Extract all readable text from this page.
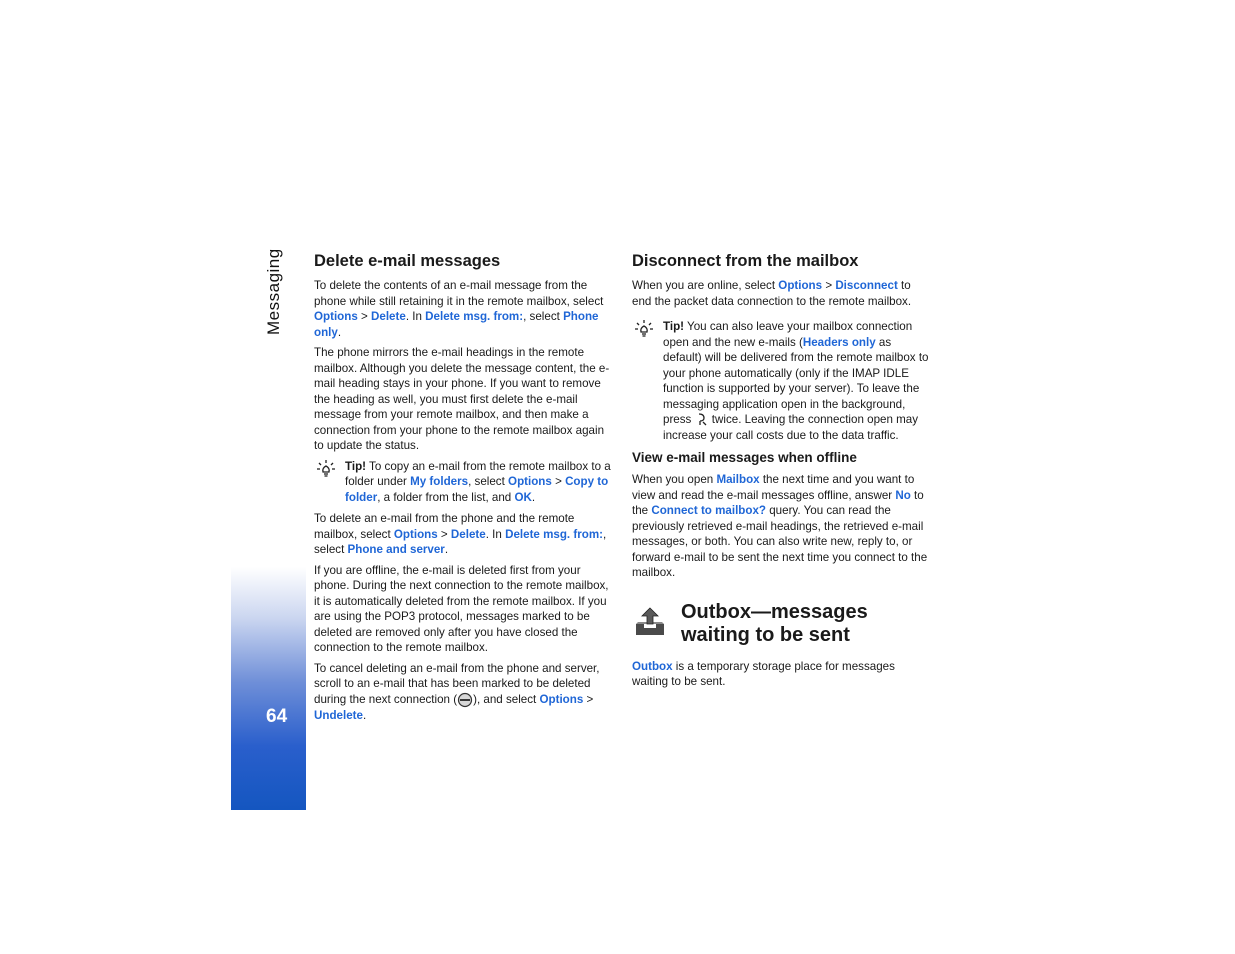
Messaging
64
Delete e-mail messages

To delete the contents of an e-mail message from the phone while still retaining it in the remote mailbox, select Options > Delete. In Delete msg. from:, select Phone only.

The phone mirrors the e-mail headings in the remote mailbox. Although you delete the message content, the e-mail heading stays in your phone. If you want to remove the heading as well, you must first delete the e-mail message from your remote mailbox, and then make a connection from your phone to the remote mailbox again to update the status.

Tip! To copy an e-mail from the remote mailbox to a folder under My folders, select Options > Copy to folder, a folder from the list, and OK.

To delete an e-mail from the phone and the remote mailbox, select Options > Delete. In Delete msg. from:, select Phone and server.

If you are offline, the e-mail is deleted first from your phone. During the next connection to the remote mailbox, it is automatically deleted from the remote mailbox. If you are using the POP3 protocol, messages marked to be deleted are removed only after you have closed the connection to the remote mailbox.

To cancel deleting an e-mail from the phone and server, scroll to an e-mail that has been marked to be deleted during the next connection ( ), and select Options > Undelete.

Disconnect from the mailbox

When you are online, select Options > Disconnect to end the packet data connection to the remote mailbox.

Tip! You can also leave your mailbox connection open and the new e-mails (Headers only as default) will be delivered from the remote mailbox to your phone automatically (only if the IMAP IDLE function is supported by your server). To leave the messaging application open in the background, press  twice. Leaving the connection open may increase your call costs due to the data traffic.
View e-mail messages when offline

When you open Mailbox the next time and you want to view and read the e-mail messages offline, answer No to the Connect to mailbox? query. You can read the previously retrieved e-mail headings, the retrieved e-mail messages, or both. You can also write new, reply to, or forward e-mail to be sent the next time you connect to the mailbox.

Outbox—messages waiting to be sent

Outbox is a temporary storage place for messages waiting to be sent.
